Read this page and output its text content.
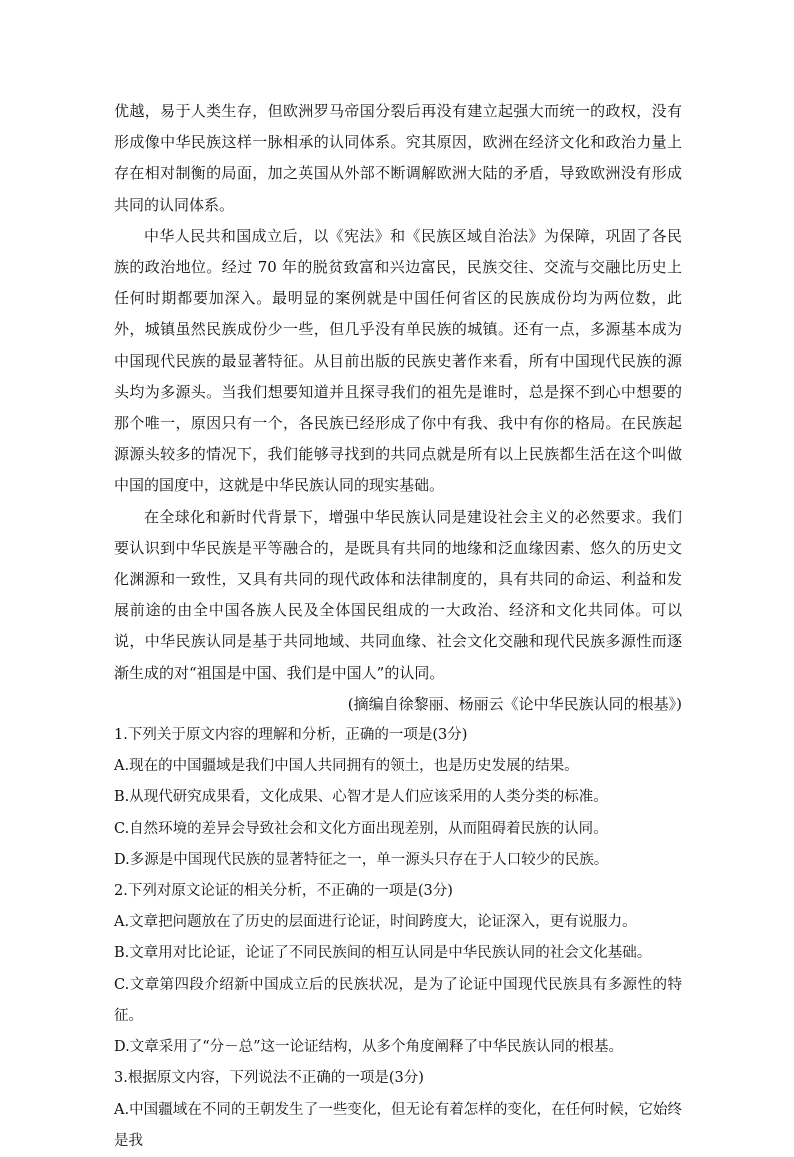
优越，易于人类生存，但欧洲罗马帝国分裂后再没有建立起强大而统一的政权，没有形成像中华民族这样一脉相承的认同体系。究其原因，欧洲在经济文化和政治力量上存在相对制衡的局面，加之英国从外部不断调解欧洲大陆的矛盾，导致欧洲没有形成共同的认同体系。

中华人民共和国成立后，以《宪法》和《民族区域自治法》为保障，巩固了各民族的政治地位。经过 70 年的脱贫致富和兴边富民，民族交往、交流与交融比历史上任何时期都要加深入。最明显的案例就是中国任何省区的民族成份均为两位数，此外，城镇虽然民族成份少一些，但几乎没有单民族的城镇。还有一点，多源基本成为中国现代民族的最显著特征。从目前出版的民族史著作来看，所有中国现代民族的源头均为多源头。当我们想要知道并且探寻我们的祖先是谁时，总是探不到心中想要的那个唯一，原因只有一个，各民族已经形成了你中有我、我中有你的格局。在民族起源源头较多的情况下，我们能够寻找到的共同点就是所有以上民族都生活在这个叫做中国的国度中，这就是中华民族认同的现实基础。

在全球化和新时代背景下，增强中华民族认同是建设社会主义的必然要求。我们要认识到中华民族是平等融合的，是既具有共同的地缘和泛血缘因素、悠久的历史文化渊源和一致性，又具有共同的现代政体和法律制度的，具有共同的命运、利益和发展前途的由全中国各族人民及全体国民组成的一大政治、经济和文化共同体。可以说，中华民族认同是基于共同地域、共同血缘、社会文化交融和现代民族多源性而逐渐生成的对“祖国是中国、我们是中国人”的认同。

(摘编自徐黎丽、杨丽云《论中华民族认同的根基》)

1.下列关于原文内容的理解和分析，正确的一项是(3分)

A.现在的中国疆域是我们中国人共同拥有的领土，也是历史发展的结果。

B.从现代研究成果看，文化成果、心智才是人们应该采用的人类分类的标准。

C.自然环境的差异会导致社会和文化方面出现差别，从而阻碍着民族的认同。

D.多源是中国现代民族的显著特征之一，单一源头只存在于人口较少的民族。

2.下列对原文论证的相关分析，不正确的一项是(3分)

A.文章把问题放在了历史的层面进行论证，时间跨度大，论证深入，更有说服力。

B.文章用对比论证，论证了不同民族间的相互认同是中华民族认同的社会文化基础。

C.文章第四段介绍新中国成立后的民族状况，是为了论证中国现代民族具有多源性的特征。

D.文章采用了“分－总”这一论证结构，从多个角度阐释了中华民族认同的根基。

3.根据原文内容，下列说法不正确的一项是(3分)

A.中国疆域在不同的王朝发生了一些变化，但无论有着怎样的变化，在任何时候，它始终是我
